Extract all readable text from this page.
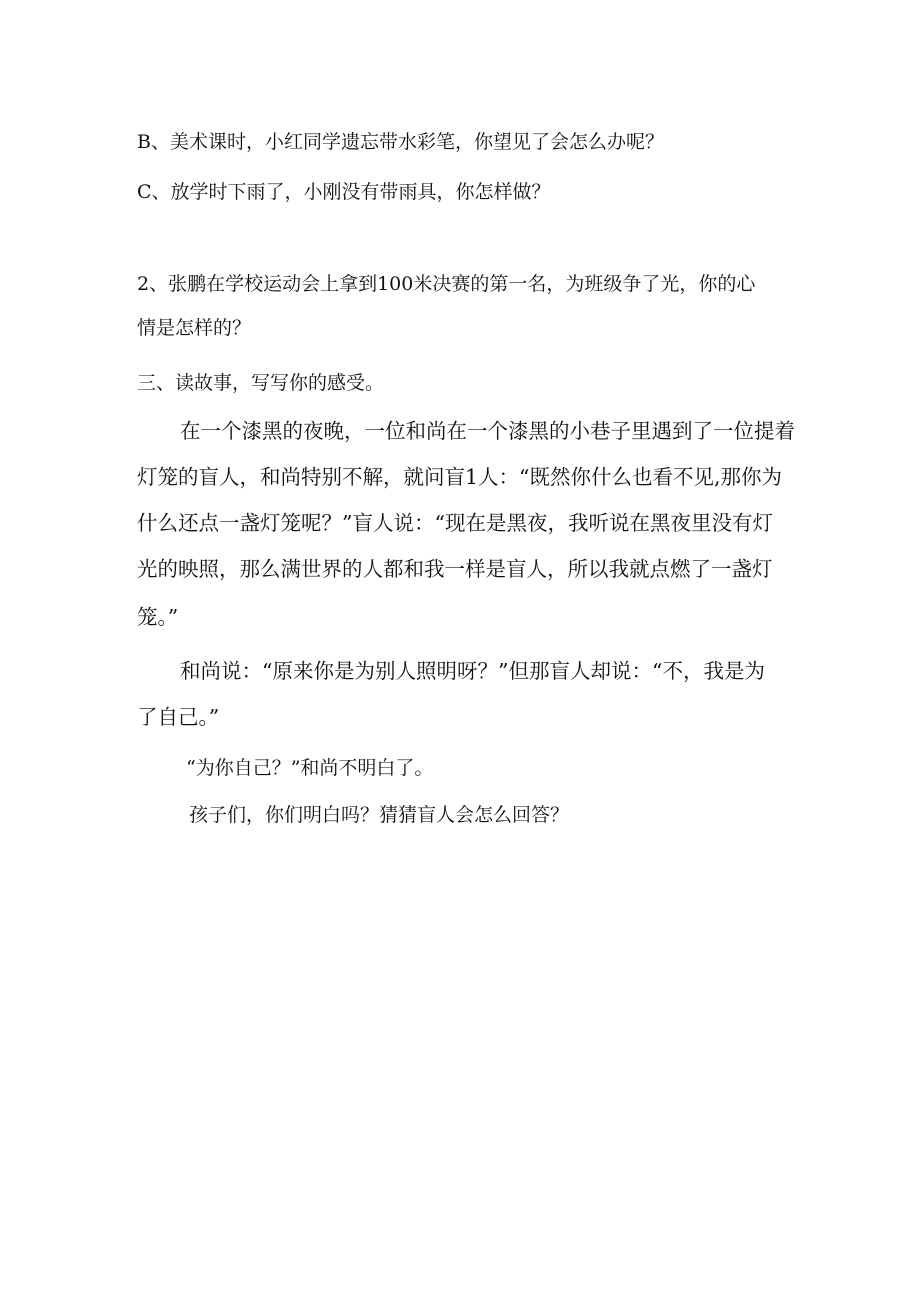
B、美术课时，小红同学遗忘带水彩笔，你望见了会怎么办呢？

C、放学时下雨了，小刚没有带雨具，你怎样做？

2、张鹏在学校运动会上拿到100米决赛的第一名，为班级争了光，你的心

情是怎样的？

三、读故事，写写你的感受。

在一个漆黑的夜晚，一位和尚在一个漆黑的小巷子里遇到了一位提着

灯笼的盲人，和尚特别不解，就问盲1人：“既然你什么也看不见,那你为

什么还点一盏灯笼呢？”盲人说：“现在是黑夜，我听说在黑夜里没有灯

光的映照，那么满世界的人都和我一样是盲人，所以我就点燃了一盏灯

笼。”

和尚说：“原来你是为别人照明呀？”但那盲人却说：“不，我是为

了自己。”

“为你自己？”和尚不明白了。

孩子们，你们明白吗？猜猜盲人会怎么回答？
